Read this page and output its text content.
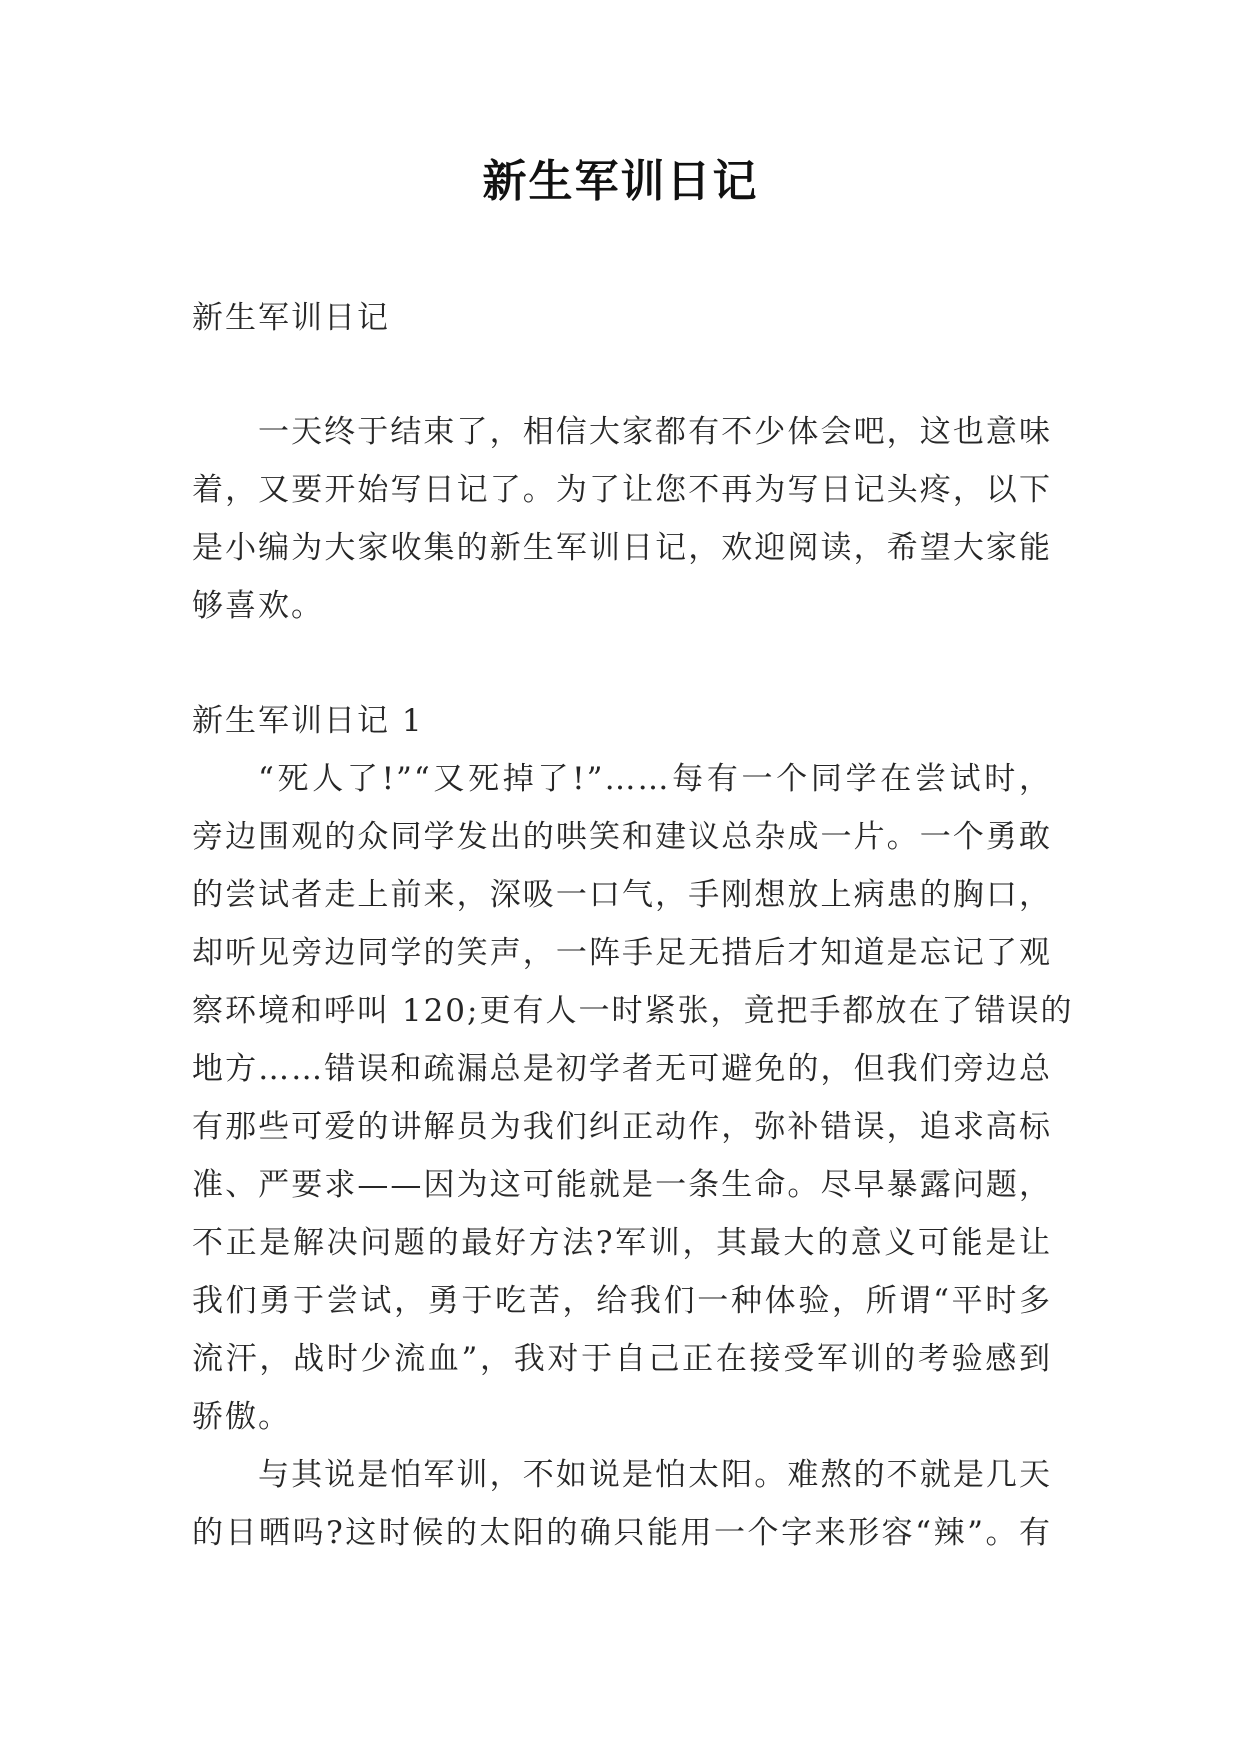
新生军训日记
新生军训日记
一天终于结束了，相信大家都有不少体会吧，这也意味
着，又要开始写日记了。为了让您不再为写日记头疼，以下
是小编为大家收集的新生军训日记，欢迎阅读，希望大家能
够喜欢。
新生军训日记 1
“死人了!”“又死掉了!”……每有一个同学在尝试时，
旁边围观的众同学发出的哄笑和建议总杂成一片。一个勇敢
的尝试者走上前来，深吸一口气，手刚想放上病患的胸口，
却听见旁边同学的笑声，一阵手足无措后才知道是忘记了观
察环境和呼叫 120;更有人一时紧张，竟把手都放在了错误的
地方……错误和疏漏总是初学者无可避免的，但我们旁边总
有那些可爱的讲解员为我们纠正动作，弥补错误，追求高标
准、严要求——因为这可能就是一条生命。尽早暴露问题，
不正是解决问题的最好方法?军训，其最大的意义可能是让
我们勇于尝试，勇于吃苦，给我们一种体验，所谓“平时多
流汗，战时少流血”，我对于自己正在接受军训的考验感到
骄傲。
与其说是怕军训，不如说是怕太阳。难熬的不就是几天
的日晒吗?这时候的太阳的确只能用一个字来形容“辣”。有
